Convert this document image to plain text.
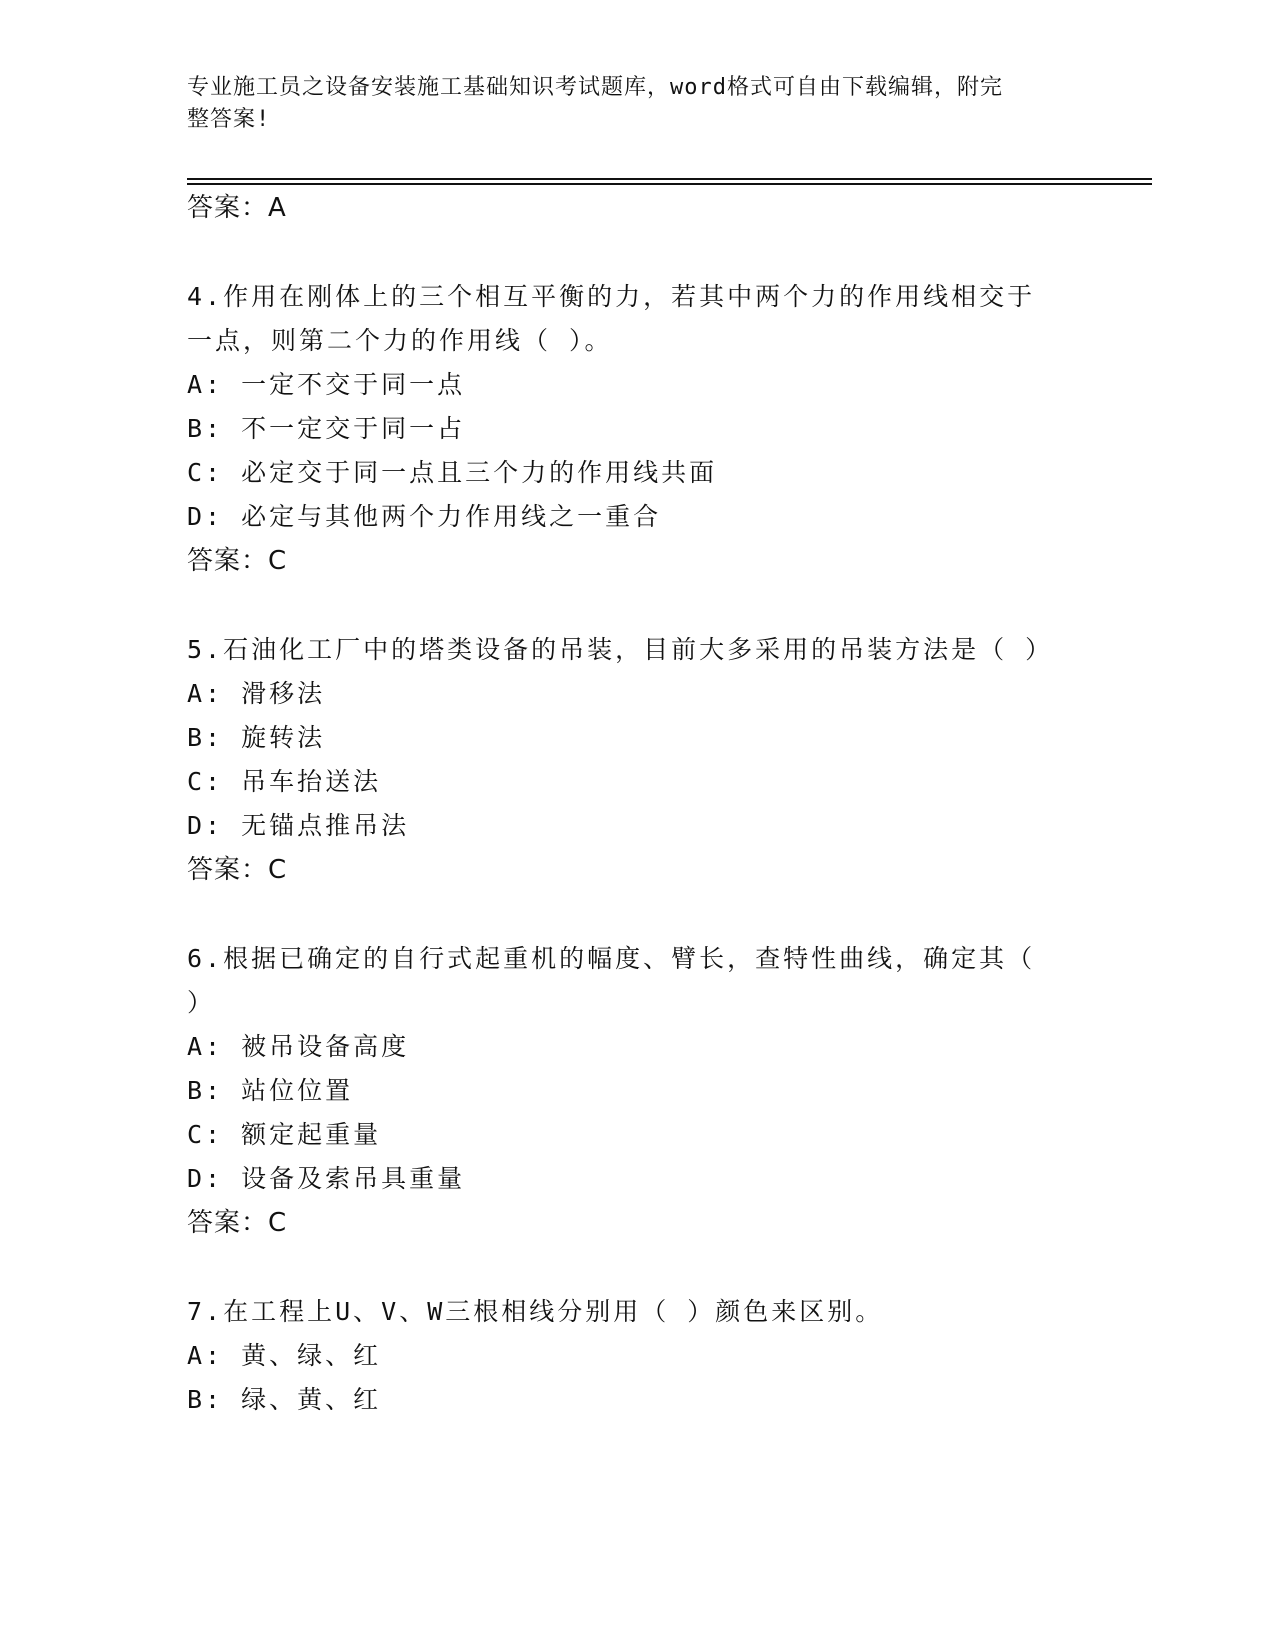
专业施工员之设备安装施工基础知识考试题库，word格式可自由下载编辑，附完
整答案!
答案：A
4.作用在刚体上的三个相互平衡的力，若其中两个力的作用线相交于
一点，则第二个力的作用线（ ）。
A: 一定不交于同一点
B: 不一定交于同一占
C: 必定交于同一点且三个力的作用线共面
D: 必定与其他两个力作用线之一重合
答案：C
5.石油化工厂中的塔类设备的吊装，目前大多采用的吊装方法是（ ）
A: 滑移法
B: 旋转法
C: 吊车抬送法
D: 无锚点推吊法
答案：C
6.根据已确定的自行式起重机的幅度、臂长，查特性曲线，确定其（
）
A: 被吊设备高度
B: 站位位置
C: 额定起重量
D: 设备及索吊具重量
答案：C
7.在工程上U、V、W三根相线分别用（ ）颜色来区别。
A: 黄、绿、红
B: 绿、黄、红
